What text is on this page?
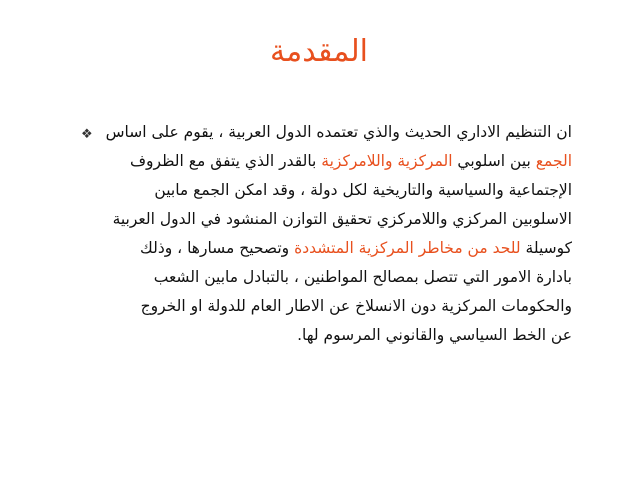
المقدمة
❖ ان التنظيم الاداري الحديث والذي تعتمده الدول العربية ، يقوم على اساس
الجمع بين اسلوبي المركزية واللامركزية بالقدر الذي يتفق مع الظروف
الإجتماعية والسياسية والتاريخية لكل دولة ، وقد امكن الجمع مابين
الاسلوبين المركزي واللامركزي تحقيق التوازن المنشود في الدول العربية
كوسيلة للحد من مخاطر المركزية المتشددة وتصحيح مسارها ، وذلك
بادارة الامور التي تتصل بمصالح المواطنين ، بالتبادل مابين الشعب
والحكومات المركزية دون الانسلاخ عن الاطار العام للدولة او الخروج
عن الخط السياسي والقانوني المرسوم لها.
